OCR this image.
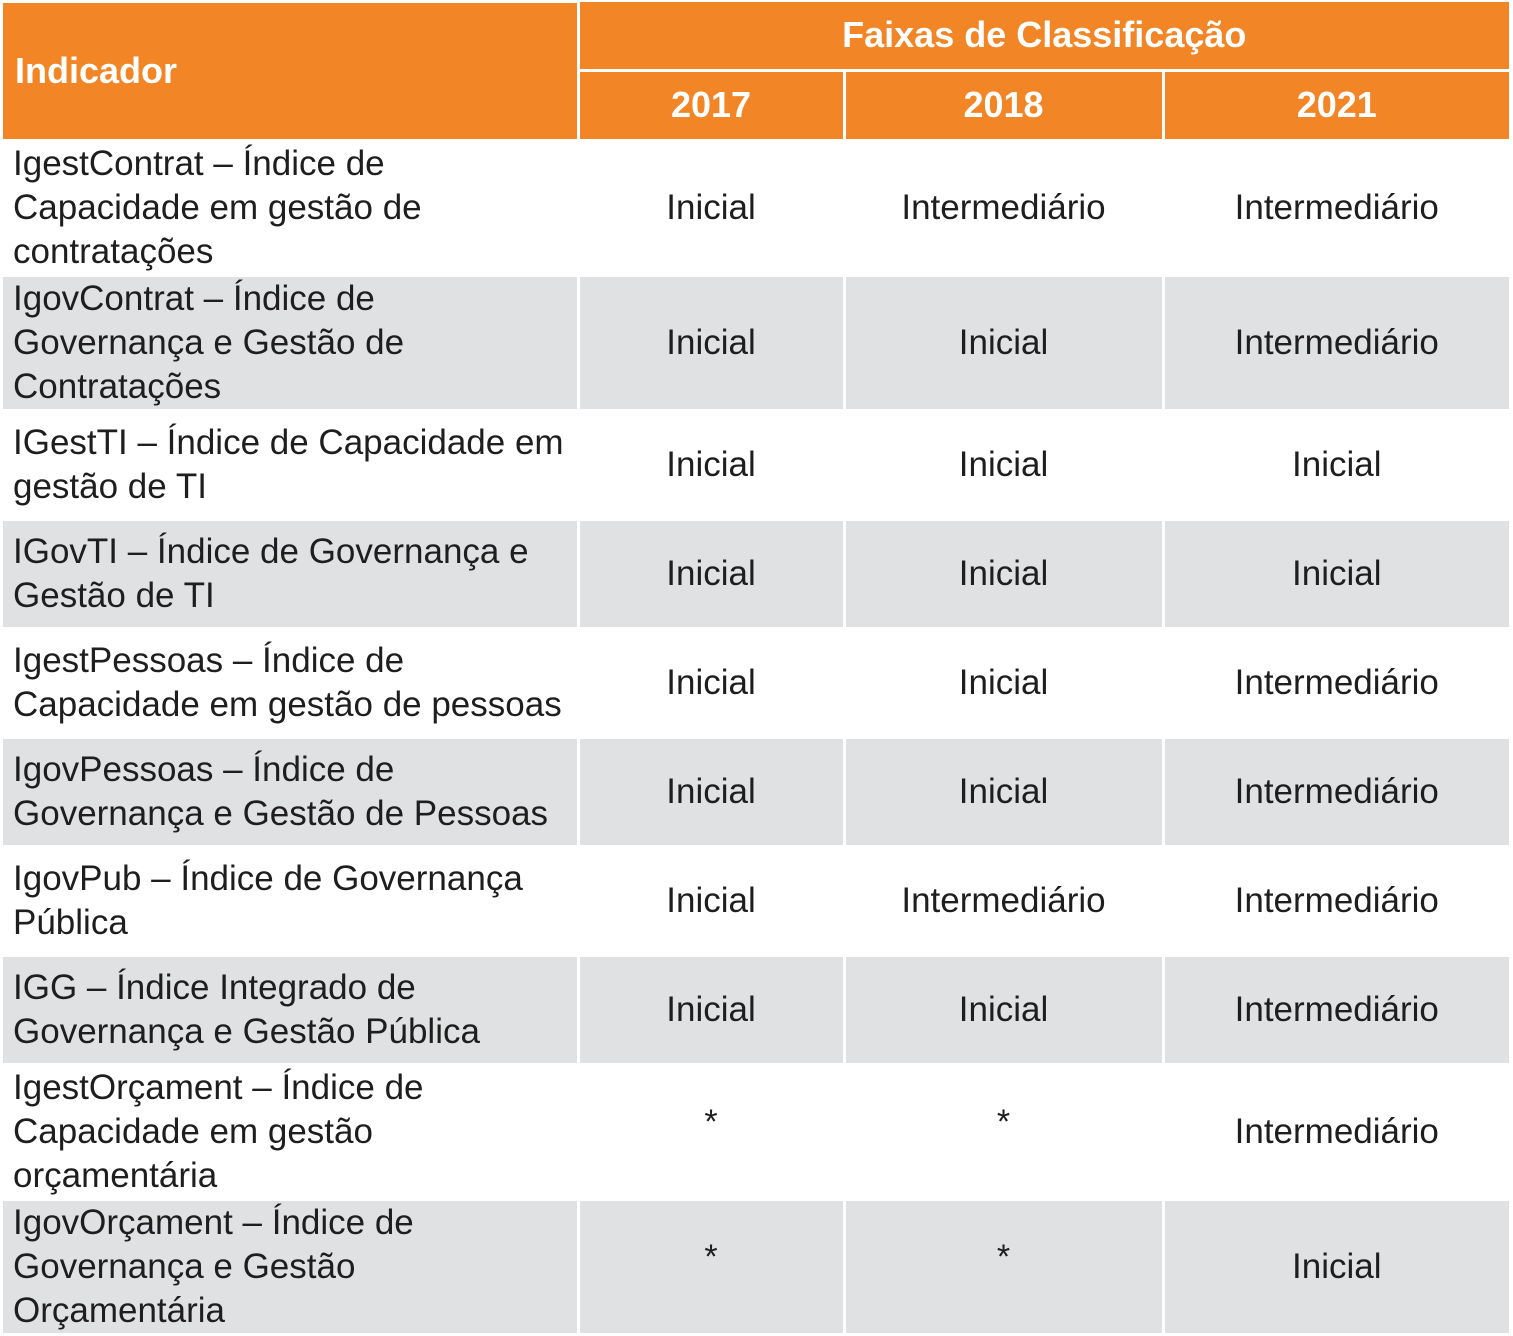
Indicador	Faixas de Classificação		
	2017	2018	2021
IgestContrat – Índice de Capacidade em gestão de contratações	Inicial	Intermediário	Intermediário
IgovContrat – Índice de Governança e Gestão de Contratações	Inicial	Inicial	Intermediário
IGestTI – Índice de Capacidade em gestão de TI	Inicial	Inicial	Inicial
IGovTI – Índice de Governança e Gestão de TI	Inicial	Inicial	Inicial
IgestPessoas – Índice de Capacidade em gestão de pessoas	Inicial	Inicial	Intermediário
IgovPessoas – Índice de Governança e Gestão de Pessoas	Inicial	Inicial	Intermediário
IgovPub – Índice de Governança Pública	Inicial	Intermediário	Intermediário
IGG – Índice Integrado de Governança e Gestão Pública	Inicial	Inicial	Intermediário
IgestOrçament – Índice de Capacidade em gestão orçamentária	*	*	Intermediário
IgovOrçament – Índice de Governança e Gestão Orçamentária	*	*	Inicial
